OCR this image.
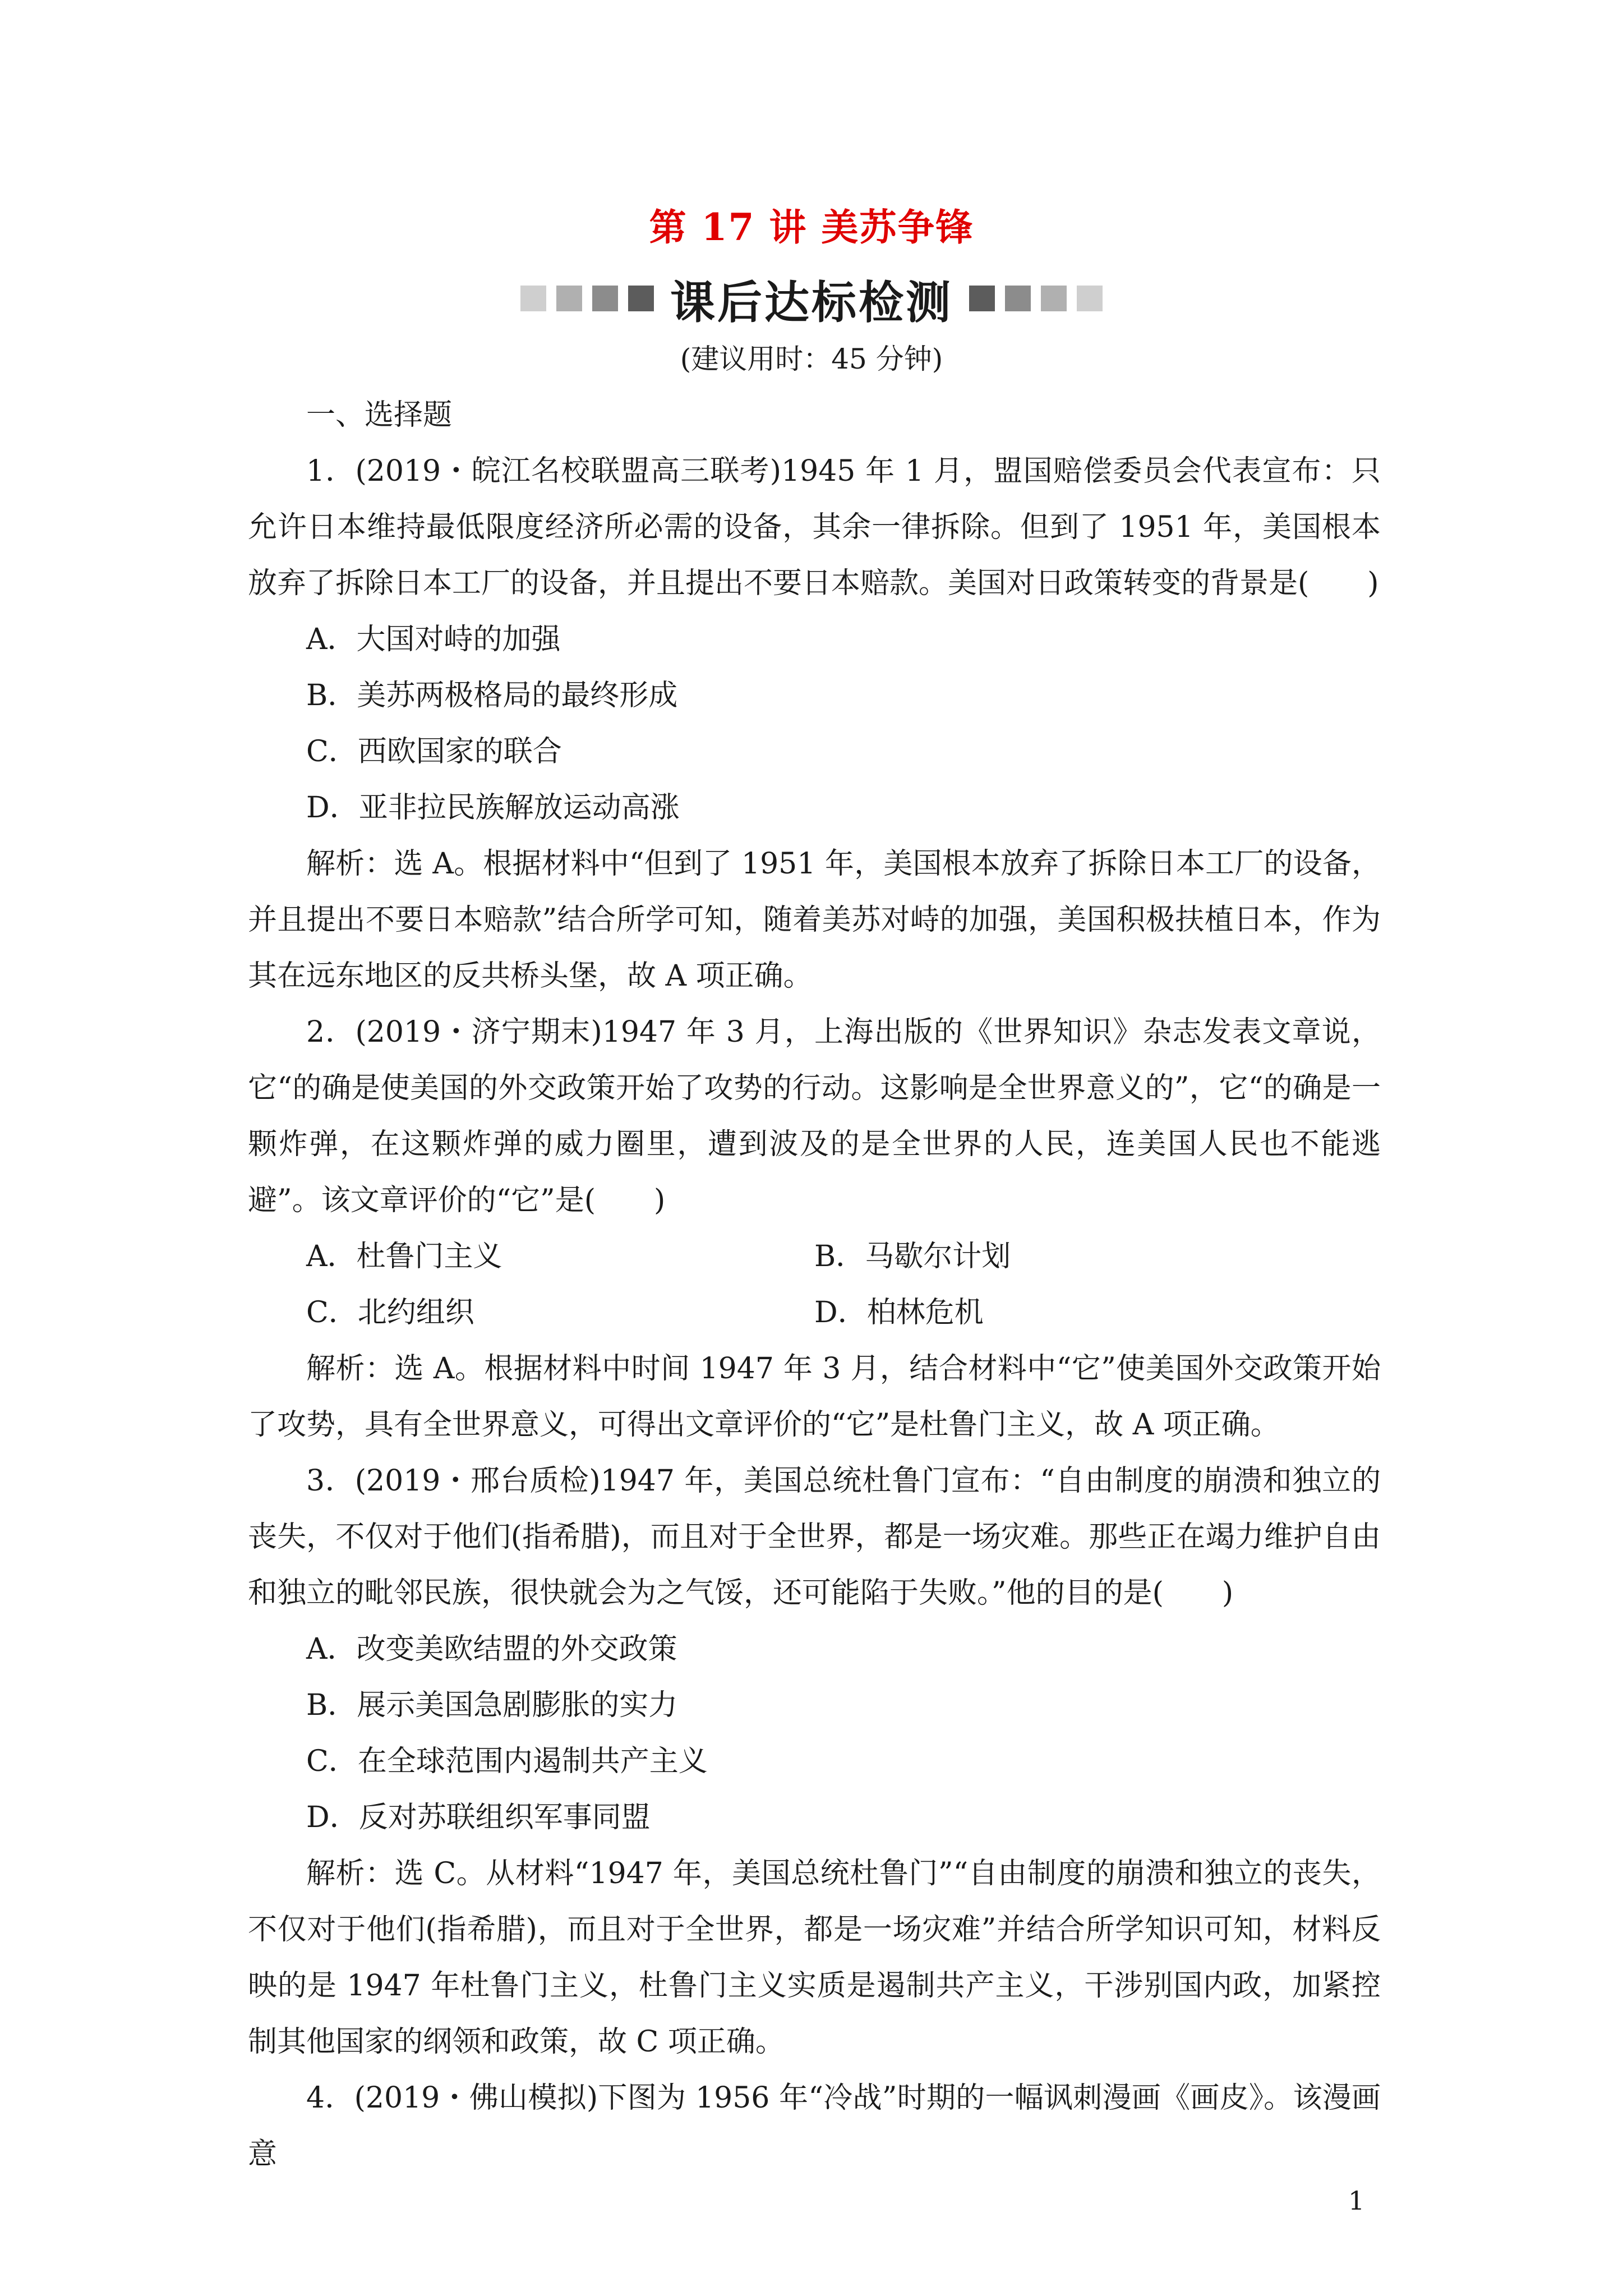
第 17 讲 美苏争锋
课后达标检测
(建议用时：45 分钟)

一、选择题

1．(2019・皖江名校联盟高三联考)1945 年 1 月，盟国赔偿委员会代表宣布：只允许日本维持最低限度经济所必需的设备，其余一律拆除。但到了 1951 年，美国根本放弃了拆除日本工厂的设备，并且提出不要日本赔款。美国对日政策转变的背景是(　　)

A．大国对峙的加强

B．美苏两极格局的最终形成

C．西欧国家的联合

D．亚非拉民族解放运动高涨

解析：选 A。根据材料中“但到了 1951 年，美国根本放弃了拆除日本工厂的设备，并且提出不要日本赔款”结合所学可知，随着美苏对峙的加强，美国积极扶植日本，作为其在远东地区的反共桥头堡，故 A 项正确。

2．(2019・济宁期末)1947 年 3 月，上海出版的《世界知识》杂志发表文章说，它“的确是使美国的外交政策开始了攻势的行动。这影响是全世界意义的”，它“的确是一颗炸弹，在这颗炸弹的威力圈里，遭到波及的是全世界的人民，连美国人民也不能逃避”。该文章评价的“它”是(　　)

A．杜鲁门主义	B．马歇尔计划
C．北约组织	D．柏林危机

解析：选 A。根据材料中时间 1947 年 3 月，结合材料中“它”使美国外交政策开始了攻势，具有全世界意义，可得出文章评价的“它”是杜鲁门主义，故 A 项正确。

3．(2019・邢台质检)1947 年，美国总统杜鲁门宣布：“自由制度的崩溃和独立的丧失，不仅对于他们(指希腊)，而且对于全世界，都是一场灾难。那些正在竭力维护自由和独立的毗邻民族，很快就会为之气馁，还可能陷于失败。”他的目的是(　　)

A．改变美欧结盟的外交政策

B．展示美国急剧膨胀的实力

C．在全球范围内遏制共产主义

D．反对苏联组织军事同盟

解析：选 C。从材料“1947 年，美国总统杜鲁门”“自由制度的崩溃和独立的丧失，不仅对于他们(指希腊)，而且对于全世界，都是一场灾难”并结合所学知识可知，材料反映的是 1947 年杜鲁门主义，杜鲁门主义实质是遏制共产主义，干涉别国内政，加紧控制其他国家的纲领和政策，故 C 项正确。

4．(2019・佛山模拟)下图为 1956 年“冷战”时期的一幅讽刺漫画《画皮》。该漫画意

1
